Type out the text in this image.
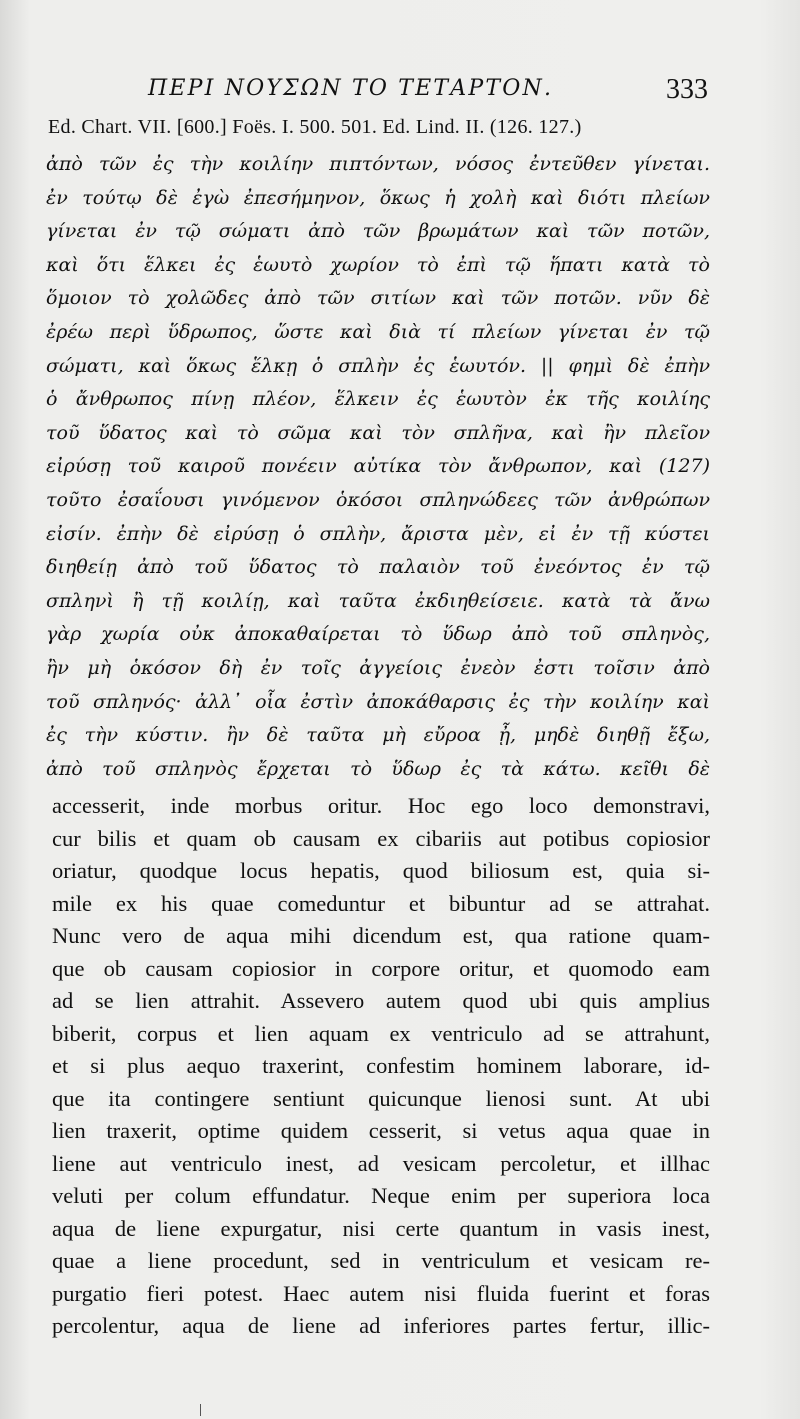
ΠΕΡΙ ΝΟΥΣΩΝ ΤΟ ΤΕΤΑΡΤΟΝ.	333
Ed. Chart. VII. [600.] Foës. I. 500. 501. Ed. Lind. II. (126. 127.)
ἀπὸ τῶν ἐς τὴν κοιλίην πιπτόντων, νόσος ἐντεῦθεν γίνεται.
ἐν τούτῳ δὲ ἐγὼ ἐπεσήμηνον, ὅκως ἡ χολὴ καὶ διότι πλείων
γίνεται ἐν τῷ σώματι ἀπὸ τῶν βρωμάτων καὶ τῶν ποτῶν,
καὶ ὅτι ἕλκει ἐς ἑωυτὸ χωρίον τὸ ἐπὶ τῷ ἥπατι κατὰ τὸ
ὅμοιον τὸ χολῶδες ἀπὸ τῶν σιτίων καὶ τῶν ποτῶν. νῦν δὲ
ἐρέω περὶ ὕδρωπος, ὥστε καὶ διὰ τί πλείων γίνεται ἐν τῷ
σώματι, καὶ ὅκως ἕλκῃ ὁ σπλὴν ἐς ἑωυτόν. || φημὶ δὲ ἐπὴν
ὁ ἄνθρωπος πίνῃ πλέον, ἕλκειν ἐς ἑωυτὸν ἐκ τῆς κοιλίης
τοῦ ὕδατος καὶ τὸ σῶμα καὶ τὸν σπλῆνα, καὶ ἢν πλεῖον
εἰρύσῃ τοῦ καιροῦ πονέειν αὐτίκα τὸν ἄνθρωπον, καὶ (127)
τοῦτο ἐσαΐουσι γινόμενον ὁκόσοι σπληνώδεες τῶν ἀνθρώπων
εἰσίν. ἐπὴν δὲ εἰρύσῃ ὁ σπλὴν, ἄριστα μὲν, εἰ ἐν τῇ κύστει
διηθείῃ ἀπὸ τοῦ ὕδατος τὸ παλαιὸν τοῦ ἐνεόντος ἐν τῷ
σπληνὶ ἢ τῇ κοιλίῃ, καὶ ταῦτα ἐκδιηθείσειε. κατὰ τὰ ἄνω
γὰρ χωρία οὐκ ἀποκαθαίρεται τὸ ὕδωρ ἀπὸ τοῦ σπληνὸς,
ἢν μὴ ὁκόσον δὴ ἐν τοῖς ἀγγείοις ἐνεὸν ἐστι τοῖσιν ἀπὸ
τοῦ σπληνός· ἀλλ᾽ οἷα ἐστὶν ἀποκάθαρσις ἐς τὴν κοιλίην καὶ
ἐς τὴν κύστιν. ἢν δὲ ταῦτα μὴ εὔροα ᾖ, μηδὲ διηθῇ ἔξω,
ἀπὸ τοῦ σπληνὸς ἔρχεται τὸ ὕδωρ ἐς τὰ κάτω. κεῖθι δὲ
accesserit, inde morbus oritur. Hoc ego loco demonstravi,
cur bilis et quam ob causam ex cibariis aut potibus copiosior
oriatur, quodque locus hepatis, quod biliosum est, quia si-
mile ex his quae comeduntur et bibuntur ad se attrahat.
Nunc vero de aqua mihi dicendum est, qua ratione quam-
que ob causam copiosior in corpore oritur, et quomodo eam
ad se lien attrahit. Assevero autem quod ubi quis amplius
biberit, corpus et lien aquam ex ventriculo ad se attrahunt,
et si plus aequo traxerint, confestim hominem laborare, id-
que ita contingere sentiunt quicunque lienosi sunt. At ubi
lien traxerit, optime quidem cesserit, si vetus aqua quae in
liene aut ventriculo inest, ad vesicam percoletur, et illhac
veluti per colum effundatur. Neque enim per superiora loca
aqua de liene expurgatur, nisi certe quantum in vasis inest,
quae a liene procedunt, sed in ventriculum et vesicam re-
purgatio fieri potest. Haec autem nisi fluida fuerint et foras
percolentur, aqua de liene ad inferiores partes fertur, illic-
